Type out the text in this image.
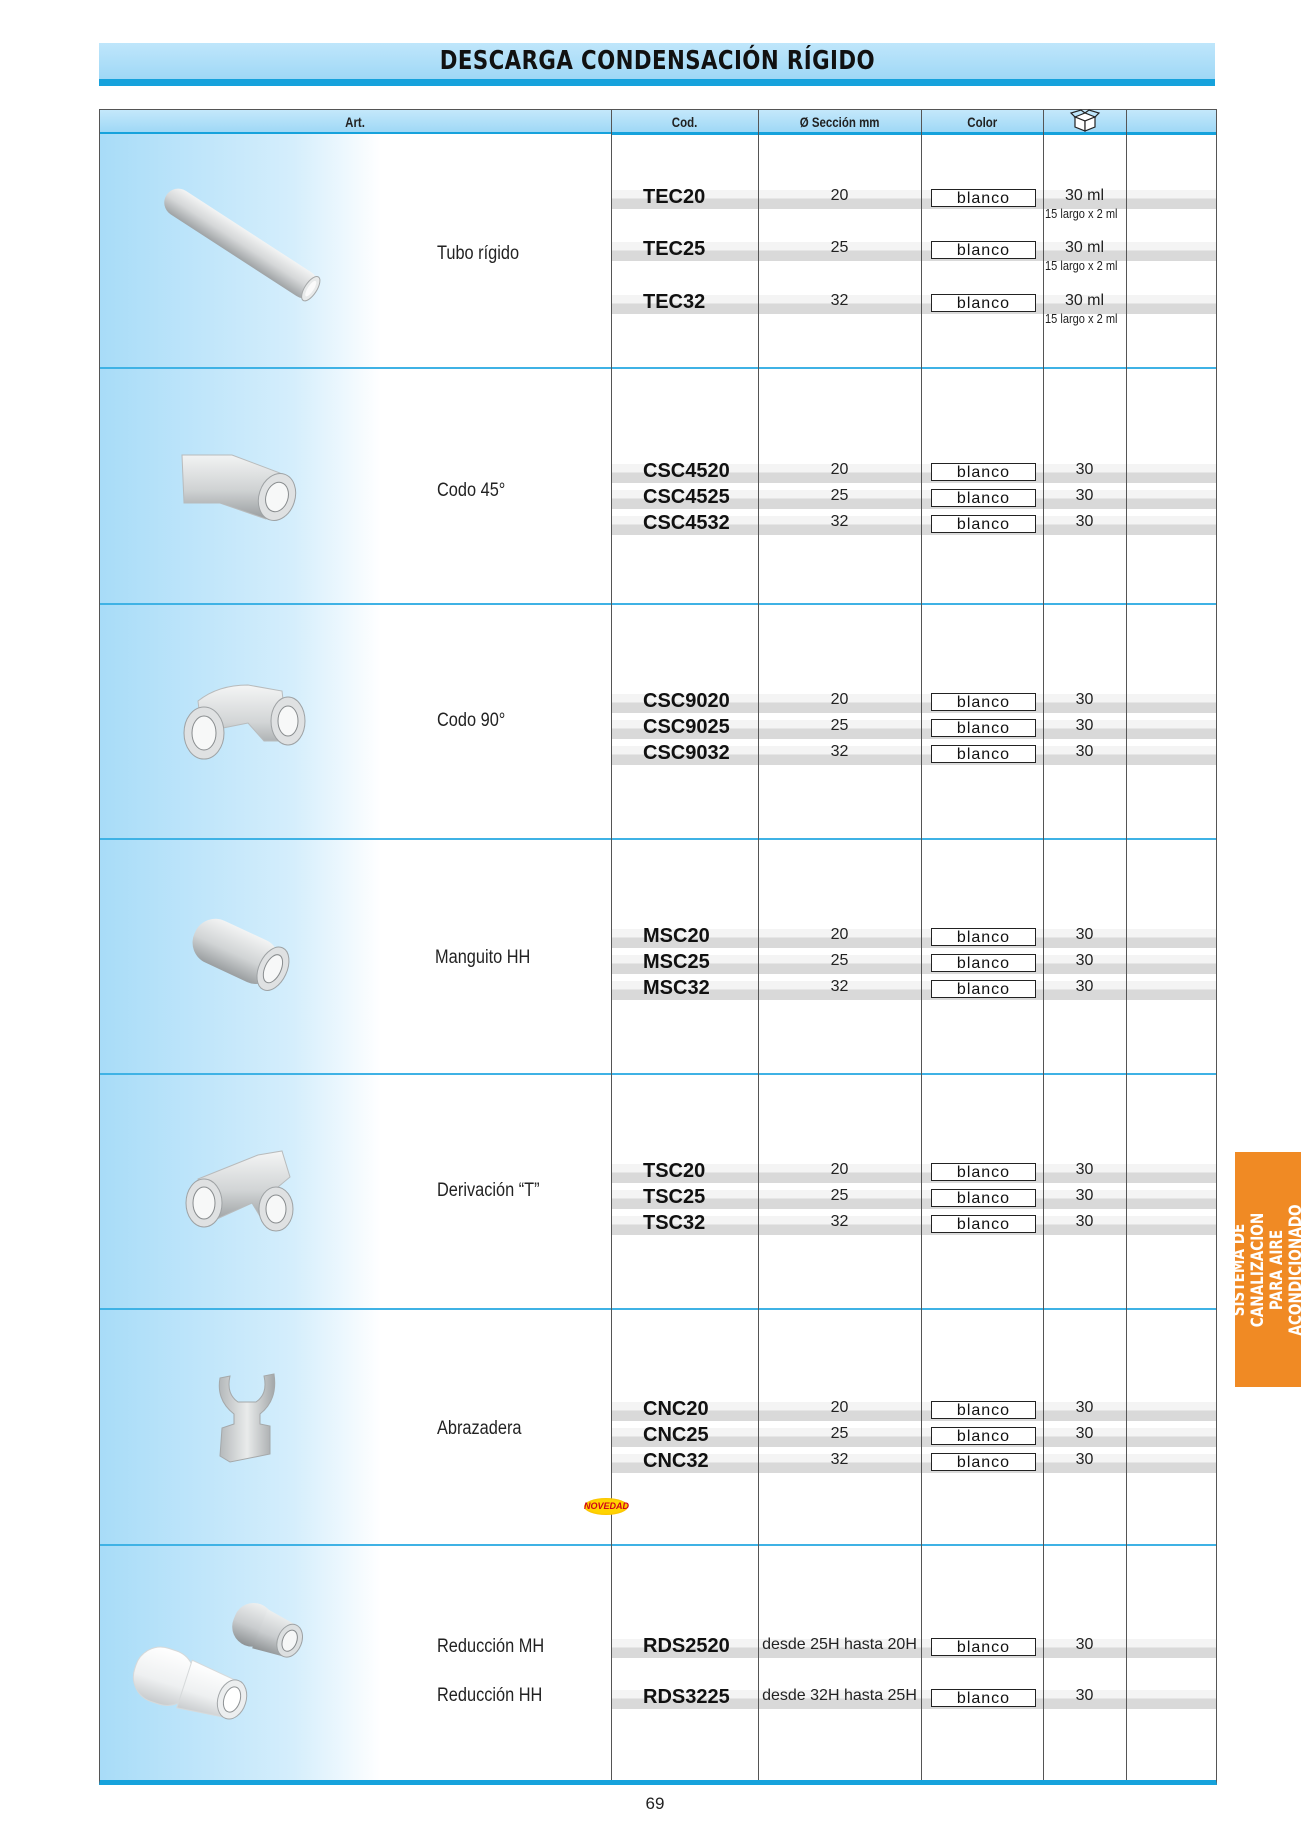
DESCARGA CONDENSACIÓN RÍGIDO
Art.	Cod.	Ø Sección mm	Color
Tubo rígido
TEC20	20	blanco	30 ml
15 largo x 2 ml
TEC25	25	blanco	30 ml
15 largo x 2 ml
TEC32	32	blanco	30 ml
15 largo x 2 ml
Codo 45°
CSC4520	20	blanco	30
CSC4525	25	blanco	30
CSC4532	32	blanco	30
Codo 90°
CSC9020	20	blanco	30
CSC9025	25	blanco	30
CSC9032	32	blanco	30
Manguito HH
MSC20	20	blanco	30
MSC25	25	blanco	30
MSC32	32	blanco	30
Derivación “T”
TSC20	20	blanco	30
TSC25	25	blanco	30
TSC32	32	blanco	30
Abrazadera
CNC20	20	blanco	30
CNC25	25	blanco	30
CNC32	32	blanco	30
Reducción MH
Reducción HH
RDS2520 desde 25H hasta 20H	blanco	30
RDS3225 desde 32H hasta 25H	blanco	30
NOVEDAD
SISTEMA DE CANALIZACION PARA AIRE ACONDICIONADO
69
